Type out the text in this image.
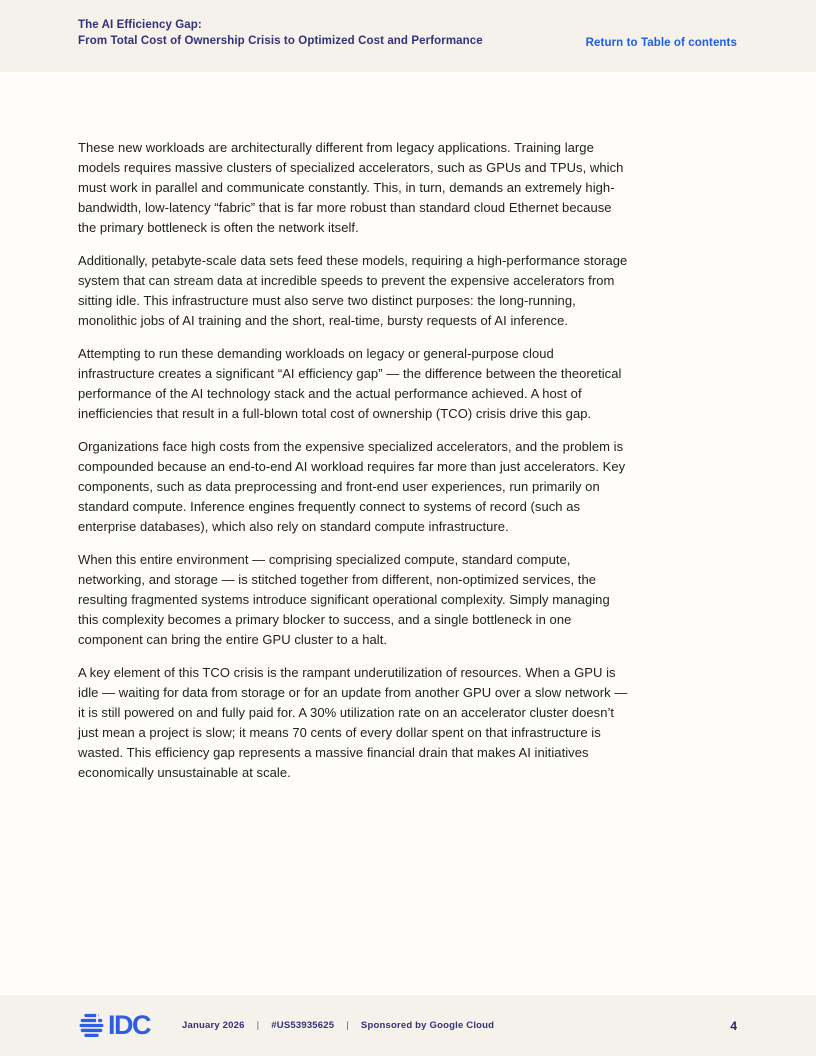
The AI Efficiency Gap:
From Total Cost of Ownership Crisis to Optimized Cost and Performance	Return to Table of contents

These new workloads are architecturally different from legacy applications. Training large models requires massive clusters of specialized accelerators, such as GPUs and TPUs, which must work in parallel and communicate constantly. This, in turn, demands an extremely high-bandwidth, low-latency “fabric” that is far more robust than standard cloud Ethernet because the primary bottleneck is often the network itself.

Additionally, petabyte-scale data sets feed these models, requiring a high-performance storage system that can stream data at incredible speeds to prevent the expensive accelerators from sitting idle. This infrastructure must also serve two distinct purposes: the long-running, monolithic jobs of AI training and the short, real-time, bursty requests of AI inference.

Attempting to run these demanding workloads on legacy or general-purpose cloud infrastructure creates a significant “AI efficiency gap” — the difference between the theoretical performance of the AI technology stack and the actual performance achieved. A host of inefficiencies that result in a full-blown total cost of ownership (TCO) crisis drive this gap.

Organizations face high costs from the expensive specialized accelerators, and the problem is compounded because an end-to-end AI workload requires far more than just accelerators. Key components, such as data preprocessing and front-end user experiences, run primarily on standard compute. Inference engines frequently connect to systems of record (such as enterprise databases), which also rely on standard compute infrastructure.

When this entire environment — comprising specialized compute, standard compute, networking, and storage — is stitched together from different, non-optimized services, the resulting fragmented systems introduce significant operational complexity. Simply managing this complexity becomes a primary blocker to success, and a single bottleneck in one component can bring the entire GPU cluster to a halt.

A key element of this TCO crisis is the rampant underutilization of resources. When a GPU is idle — waiting for data from storage or for an update from another GPU over a slow network — it is still powered on and fully paid for. A 30% utilization rate on an accelerator cluster doesn’t just mean a project is slow; it means 70 cents of every dollar spent on that infrastructure is wasted. This efficiency gap represents a massive financial drain that makes AI initiatives economically unsustainable at scale.

IDC	January 2026 | #US53935625 | Sponsored by Google Cloud	4
